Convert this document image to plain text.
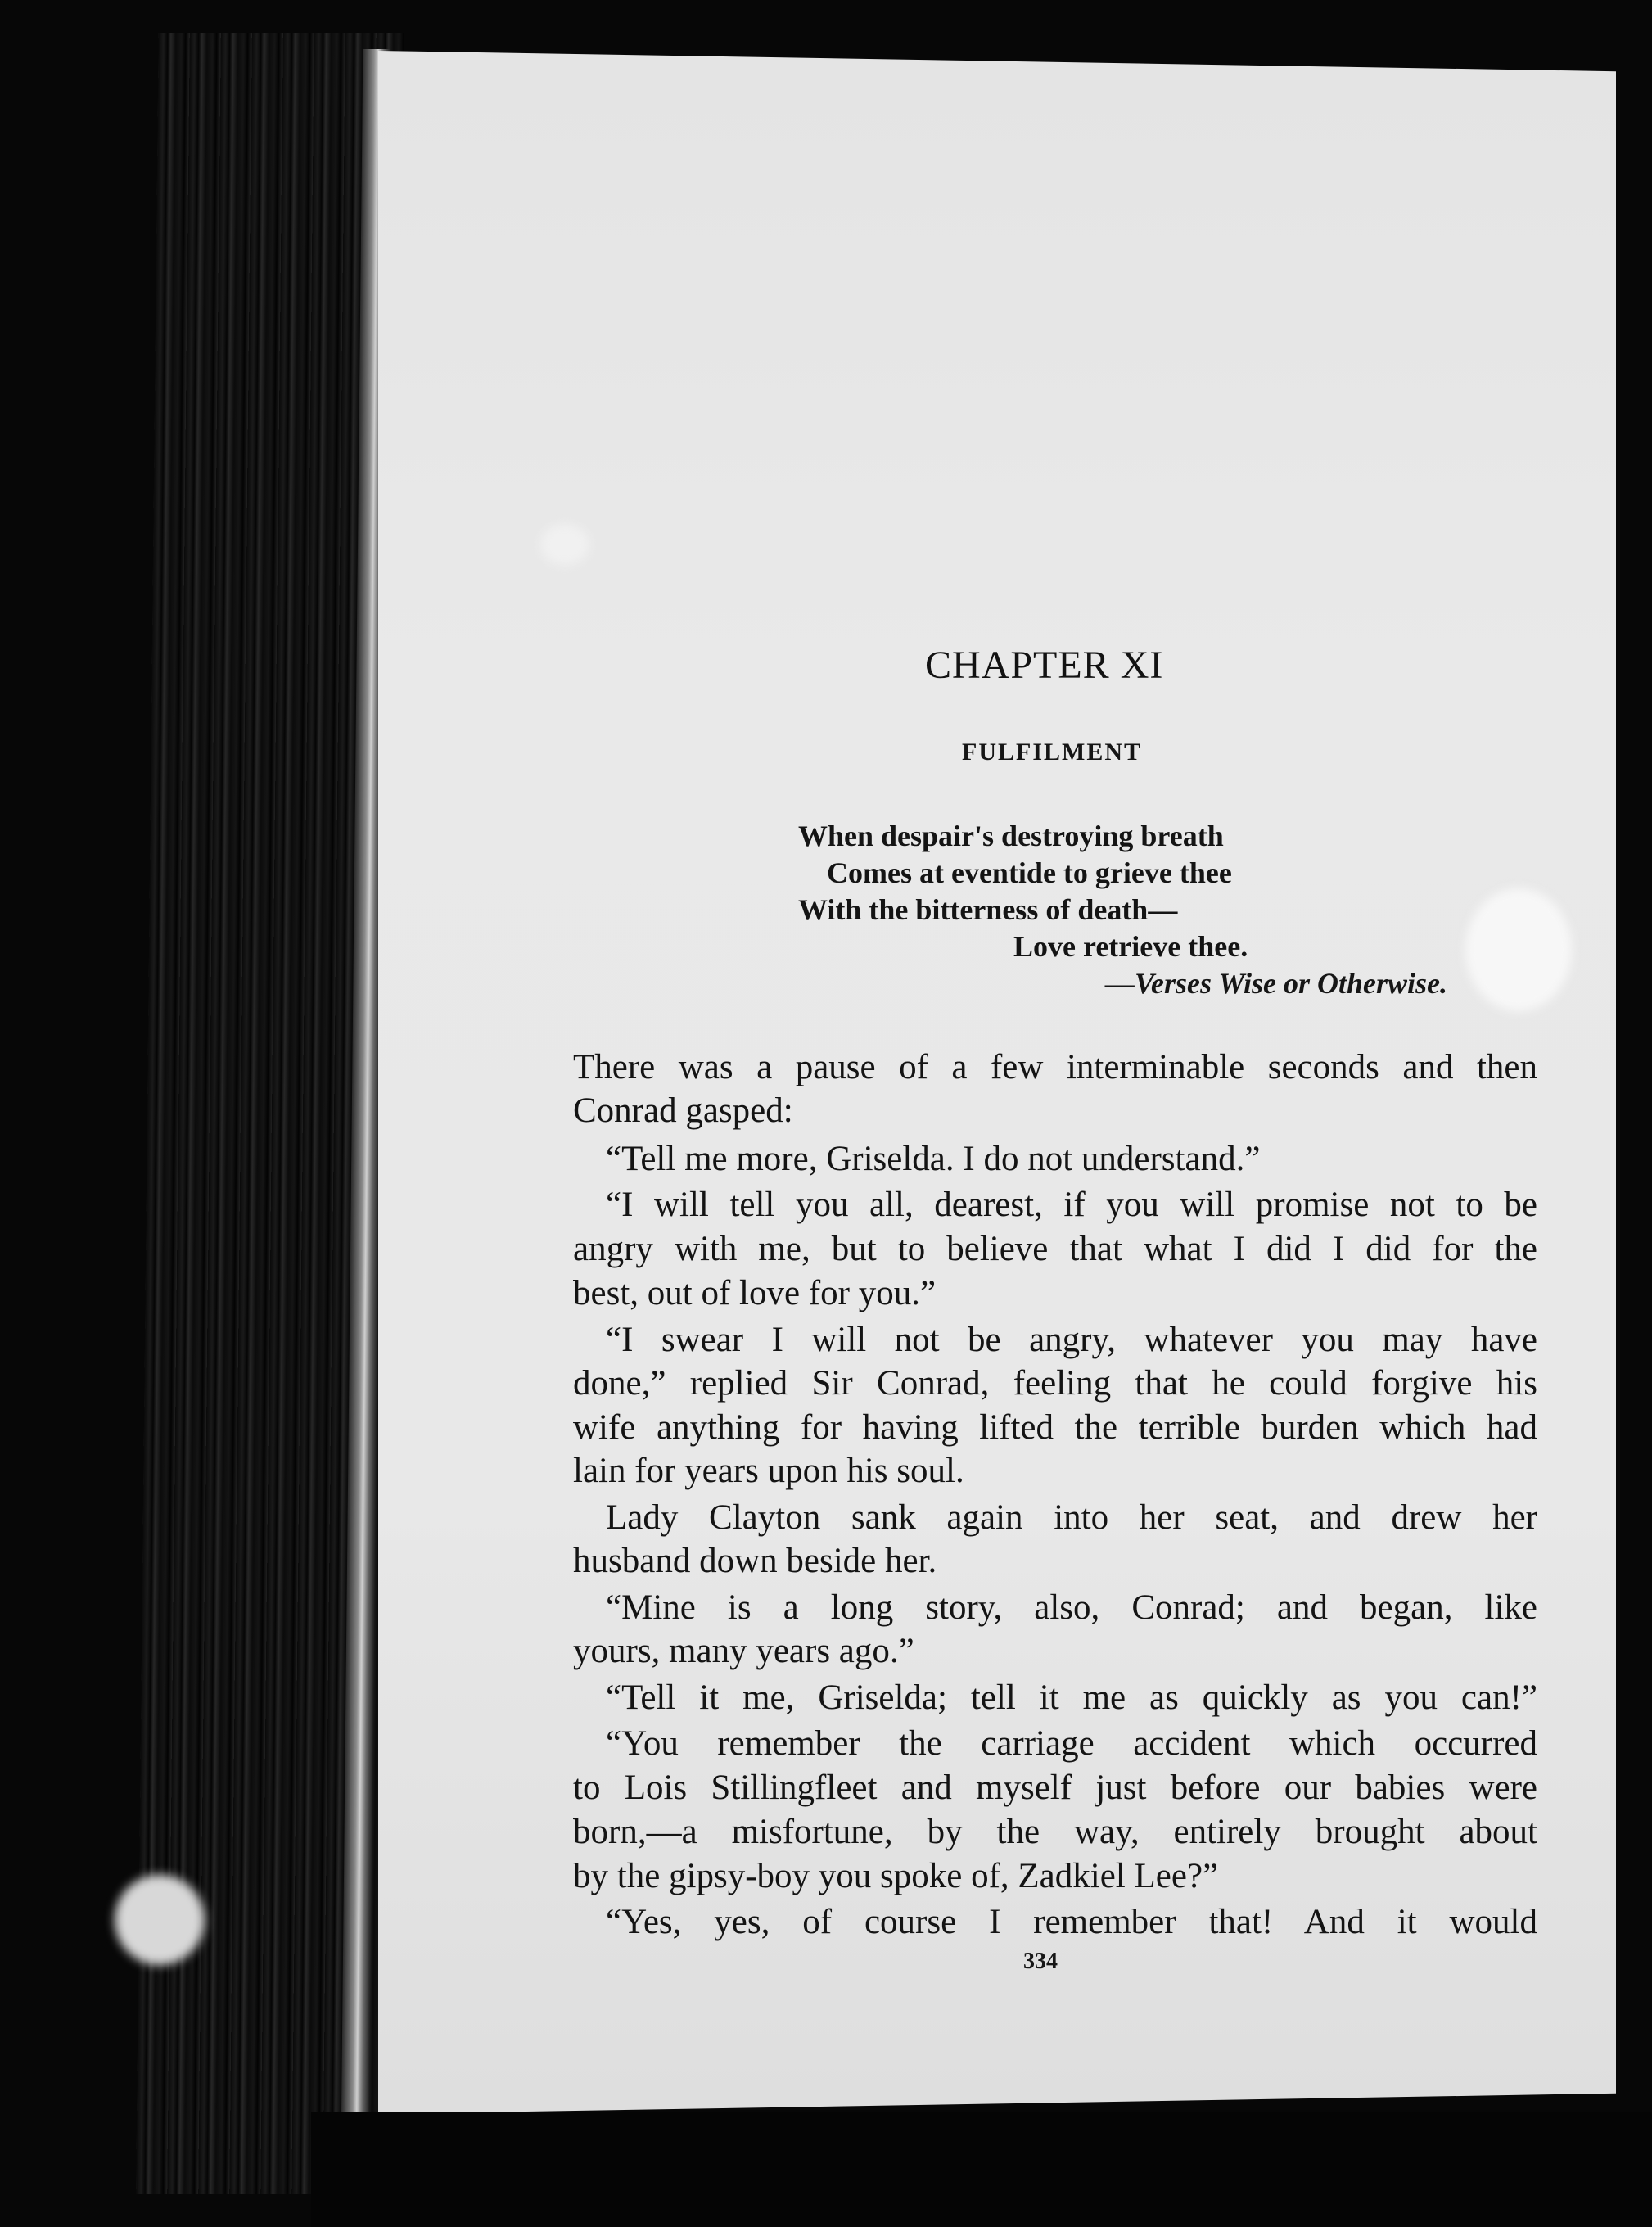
CHAPTER XI
FULFILMENT
When despair's destroying breath
Comes at eventide to grieve thee
With the bitterness of death—
Love retrieve thee.
—Verses Wise or Otherwise.
There was a pause of a few interminable seconds and then
Conrad gasped:
“Tell me more, Griselda. I do not understand.”
“I will tell you all, dearest, if you will promise not to be
angry with me, but to believe that what I did I did for the
best, out of love for you.”
“I swear I will not be angry, whatever you may have
done,” replied Sir Conrad, feeling that he could forgive his
wife anything for having lifted the terrible burden which had
lain for years upon his soul.
Lady Clayton sank again into her seat, and drew her
husband down beside her.
“Mine is a long story, also, Conrad; and began, like
yours, many years ago.”
“Tell it me, Griselda; tell it me as quickly as you can!”
“You remember the carriage accident which occurred
to Lois Stillingfleet and myself just before our babies were
born,—a misfortune, by the way, entirely brought about
by the gipsy-boy you spoke of, Zadkiel Lee?”
“Yes, yes, of course I remember that! And it would
334
